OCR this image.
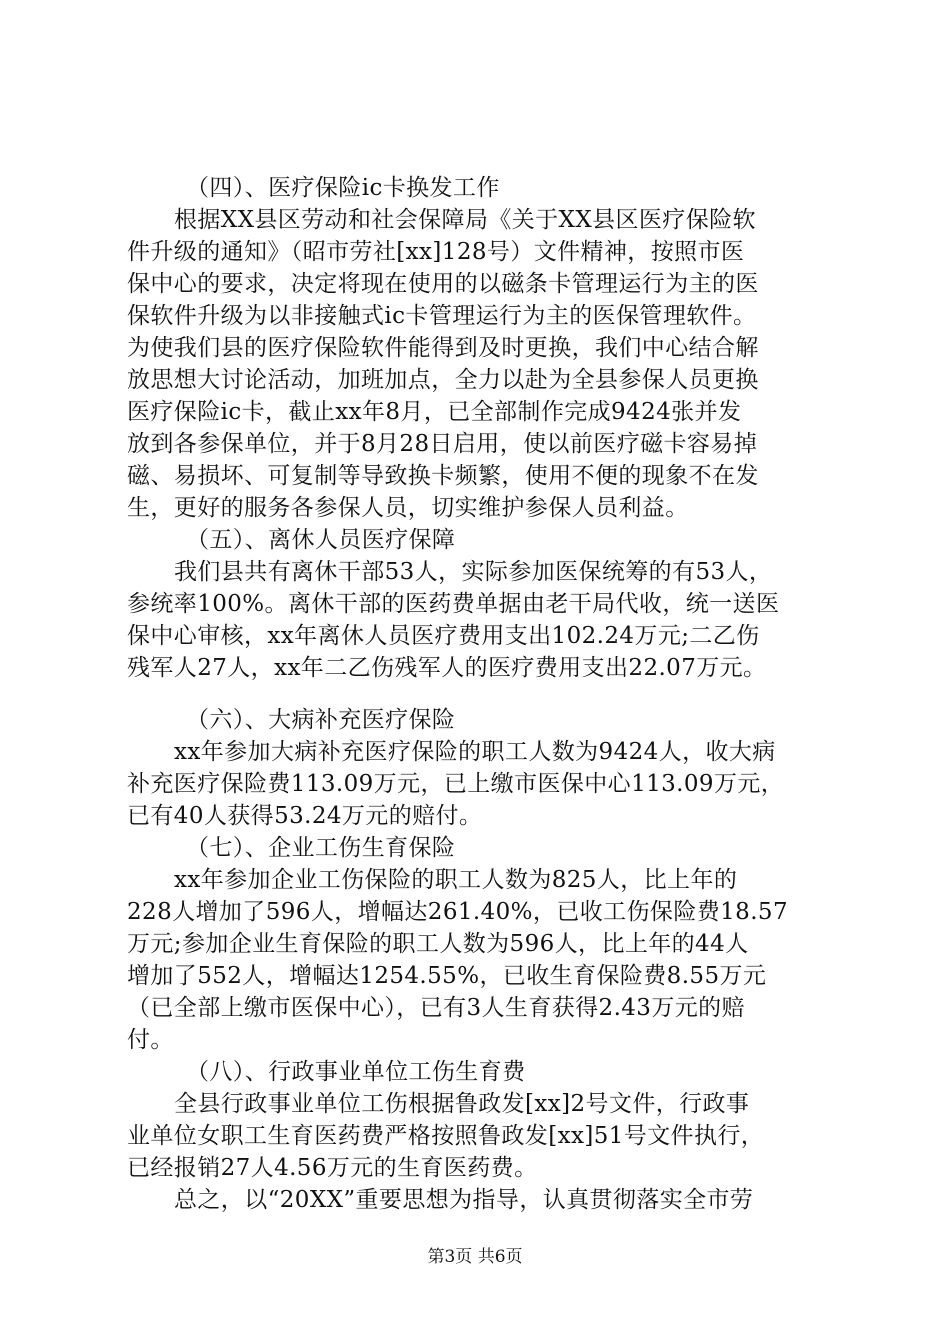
（四）、医疗保险ic卡换发工作
根据XX县区劳动和社会保障局《关于XX县区医疗保险软
件升级的通知》（昭市劳社[xx]128号）文件精神，按照市医
保中心的要求，决定将现在使用的以磁条卡管理运行为主的医
保软件升级为以非接触式ic卡管理运行为主的医保管理软件。
为使我们县的医疗保险软件能得到及时更换，我们中心结合解
放思想大讨论活动，加班加点，全力以赴为全县参保人员更换
医疗保险ic卡，截止xx年8月，已全部制作完成9424张并发
放到各参保单位，并于8月28日启用，使以前医疗磁卡容易掉
磁、易损坏、可复制等导致换卡频繁，使用不便的现象不在发
生，更好的服务各参保人员，切实维护参保人员利益。
（五）、离休人员医疗保障
我们县共有离休干部53人，实际参加医保统筹的有53人，
参统率100%。离休干部的医药费单据由老干局代收，统一送医
保中心审核，xx年离休人员医疗费用支出102.24万元;二乙伤
残军人27人，xx年二乙伤残军人的医疗费用支出22.07万元。
（六）、大病补充医疗保险
xx年参加大病补充医疗保险的职工人数为9424人，收大病
补充医疗保险费113.09万元，已上缴市医保中心113.09万元，
已有40人获得53.24万元的赔付。
（七）、企业工伤生育保险
xx年参加企业工伤保险的职工人数为825人，比上年的
228人增加了596人，增幅达261.40%，已收工伤保险费18.57
万元;参加企业生育保险的职工人数为596人，比上年的44人
增加了552人，增幅达1254.55%，已收生育保险费8.55万元
（已全部上缴市医保中心），已有3人生育获得2.43万元的赔
付。
（八）、行政事业单位工伤生育费
全县行政事业单位工伤根据鲁政发[xx]2号文件，行政事
业单位女职工生育医药费严格按照鲁政发[xx]51号文件执行，
已经报销27人4.56万元的生育医药费。
总之，以“20XX”重要思想为指导，认真贯彻落实全市劳
第3页 共6页
